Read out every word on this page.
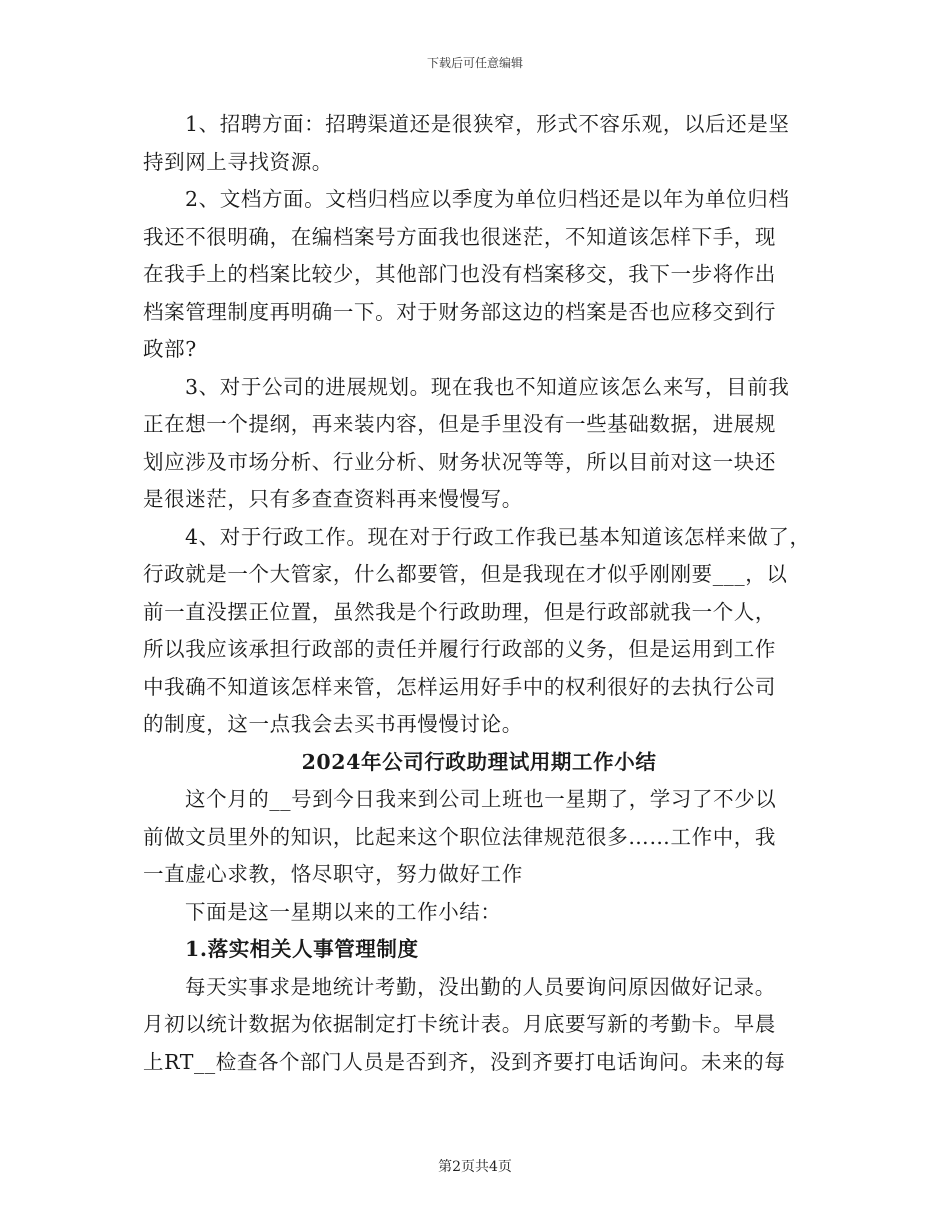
下载后可任意编辑
1、招聘方面：招聘渠道还是很狭窄，形式不容乐观，以后还是坚
持到网上寻找资源。
2、文档方面。文档归档应以季度为单位归档还是以年为单位归档
我还不很明确，在编档案号方面我也很迷茫，不知道该怎样下手，现
在我手上的档案比较少，其他部门也没有档案移交，我下一步将作出
档案管理制度再明确一下。对于财务部这边的档案是否也应移交到行
政部?
3、对于公司的进展规划。现在我也不知道应该怎么来写，目前我
正在想一个提纲，再来装内容，但是手里没有一些基础数据，进展规
划应涉及市场分析、行业分析、财务状况等等，所以目前对这一块还
是很迷茫，只有多查查资料再来慢慢写。
4、对于行政工作。现在对于行政工作我已基本知道该怎样来做了，
行政就是一个大管家，什么都要管，但是我现在才似乎刚刚要___，以
前一直没摆正位置，虽然我是个行政助理，但是行政部就我一个人，
所以我应该承担行政部的责任并履行行政部的义务，但是运用到工作
中我确不知道该怎样来管，怎样运用好手中的权利很好的去执行公司
的制度，这一点我会去买书再慢慢讨论。
2024年公司行政助理试用期工作小结
这个月的__号到今日我来到公司上班也一星期了，学习了不少以
前做文员里外的知识，比起来这个职位法律规范很多……工作中，我
一直虚心求教，恪尽职守，努力做好工作
下面是这一星期以来的工作小结：
1.落实相关人事管理制度
每天实事求是地统计考勤，没出勤的人员要询问原因做好记录。
月初以统计数据为依据制定打卡统计表。月底要写新的考勤卡。早晨
上RT__检查各个部门人员是否到齐，没到齐要打电话询问。未来的每
第2页共4页
